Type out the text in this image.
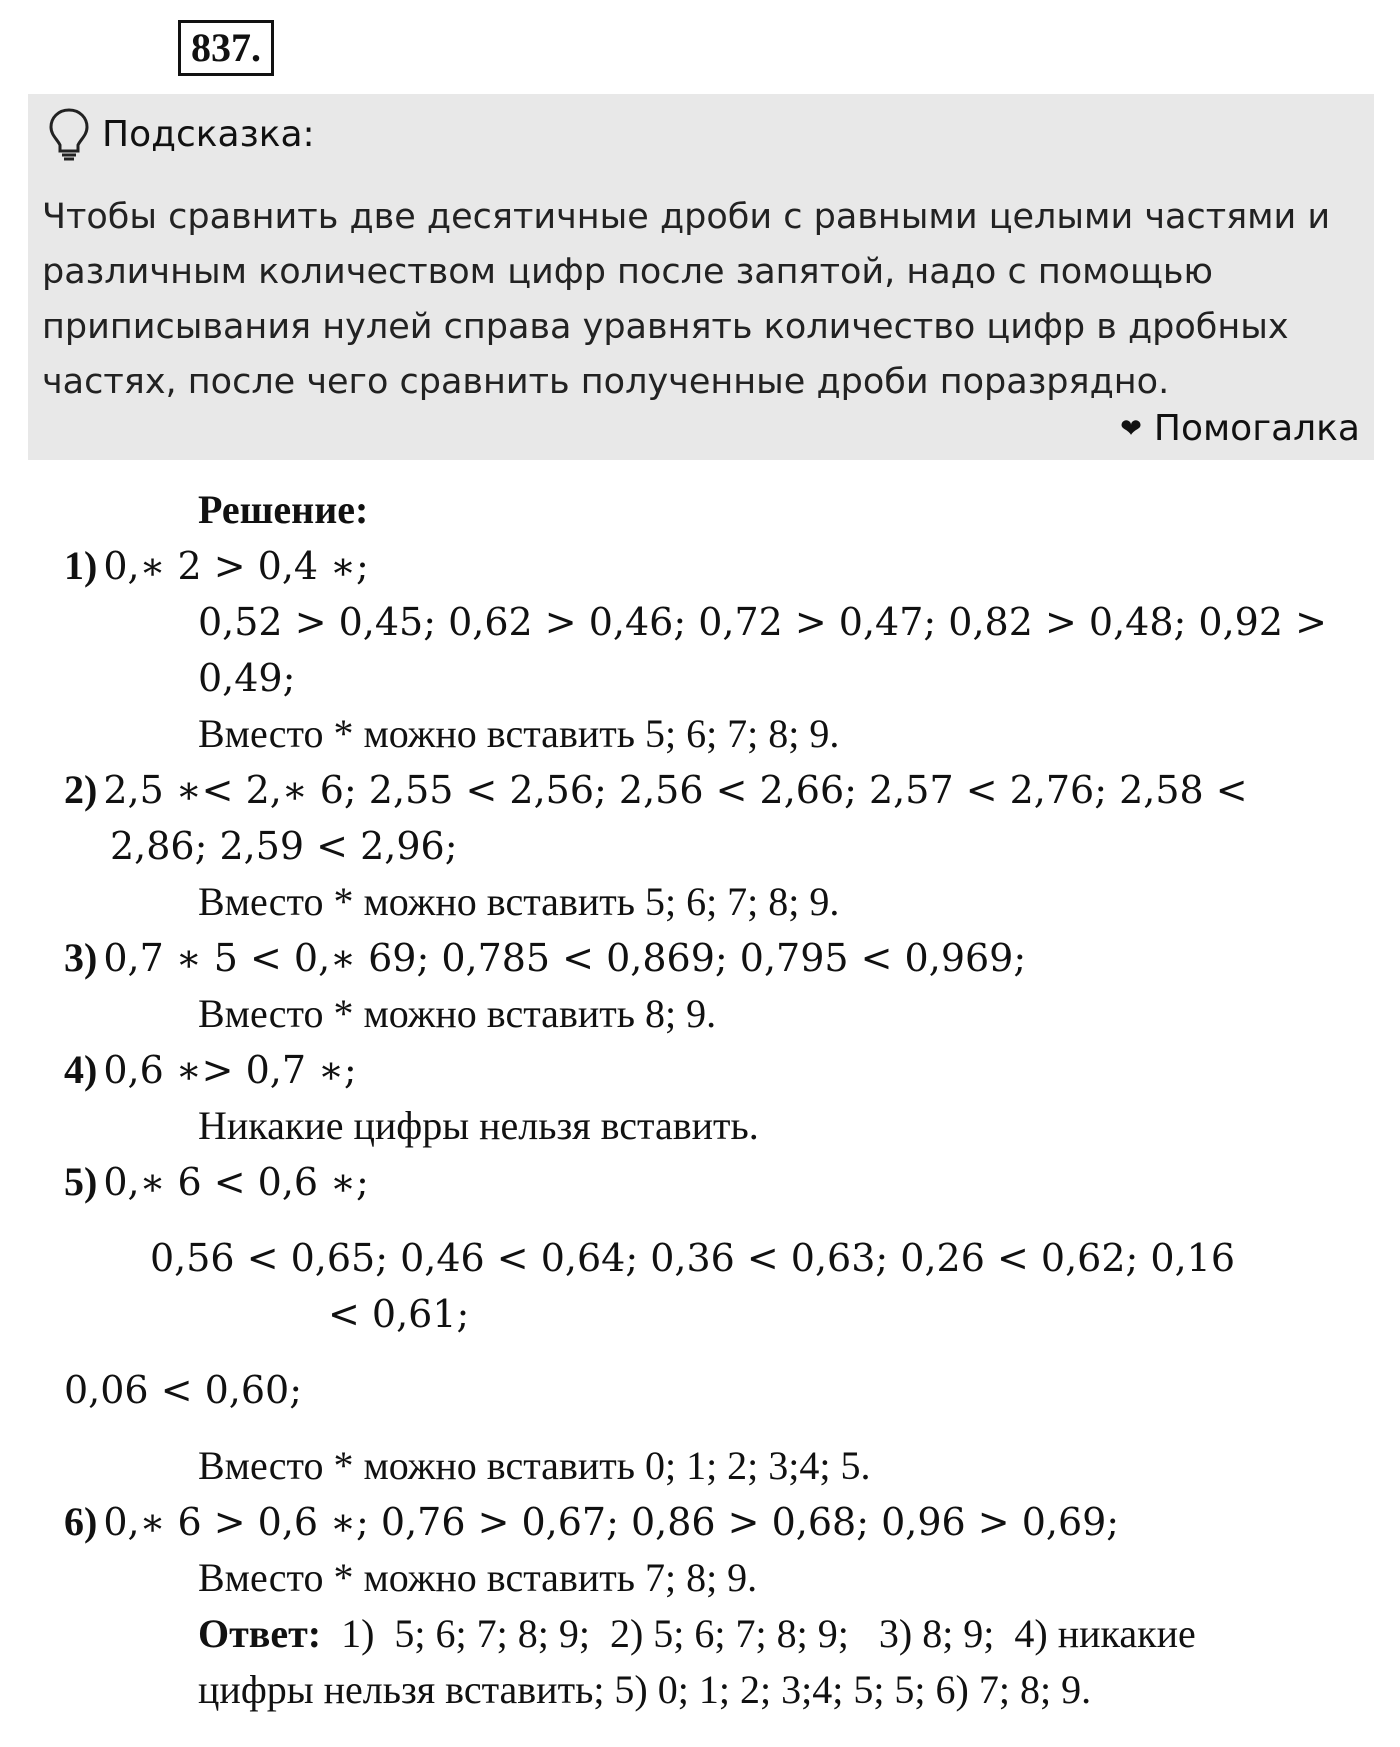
837.
Подсказка:
Чтобы сравнить две десятичные дроби с равными целыми частями и различным количеством цифр после запятой, надо с помощью приписывания нулей справа уравнять количество цифр в дробных частях, после чего сравнить полученные дроби поразрядно.
❤ Помогалка
Решение:
1) 0,∗ 2 > 0,4 ∗;
0,52 > 0,45; 0,62 > 0,46; 0,72 > 0,47; 0,82 > 0,48; 0,92 >
0,49;
Вместо * можно вставить 5; 6; 7; 8; 9.
2) 2,5 ∗< 2,∗ 6; 2,55 < 2,56; 2,56 < 2,66; 2,57 < 2,76; 2,58 <
2,86; 2,59 < 2,96;
Вместо * можно вставить 5; 6; 7; 8; 9.
3) 0,7 ∗ 5 < 0,∗ 69; 0,785 < 0,869; 0,795 < 0,969;
Вместо * можно вставить 8; 9.
4) 0,6 ∗> 0,7 ∗;
Никакие цифры нельзя вставить.
5) 0,∗ 6 < 0,6 ∗;
0,56 < 0,65; 0,46 < 0,64; 0,36 < 0,63; 0,26 < 0,62; 0,16
< 0,61;
0,06 < 0,60;
Вместо * можно вставить 0; 1; 2; 3;4; 5.
6) 0,∗ 6 > 0,6 ∗; 0,76 > 0,67; 0,86 > 0,68; 0,96 > 0,69;
Вместо * можно вставить 7; 8; 9.
Ответ:  1)  5; 6; 7; 8; 9;  2) 5; 6; 7; 8; 9;   3) 8; 9;  4) никакие
цифры нельзя вставить; 5) 0; 1; 2; 3;4; 5; 5; 6) 7; 8; 9.
